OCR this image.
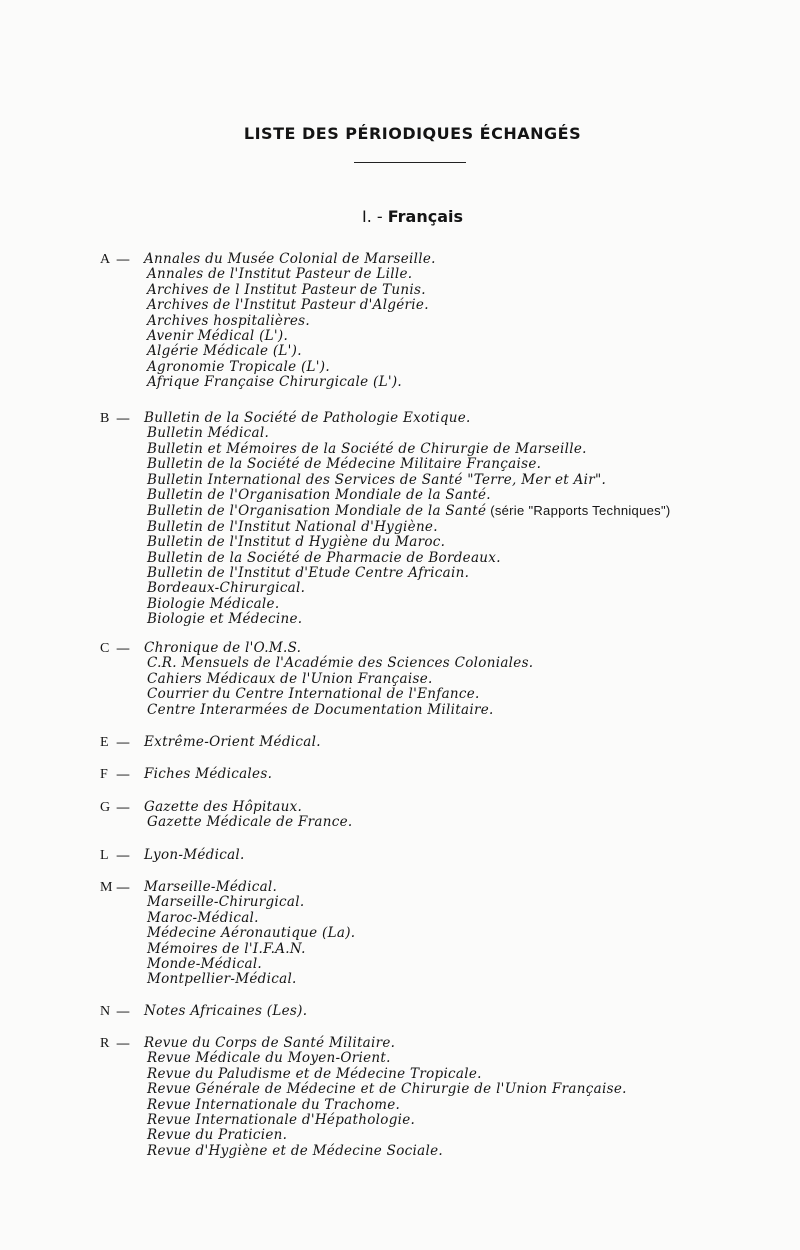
LISTE DES PÉRIODIQUES ÉCHANGÉS
I. - Français
A — Annales du Musée Colonial de Marseille.
Annales de l'Institut Pasteur de Lille.
Archives de l Institut Pasteur de Tunis.
Archives de l'Institut Pasteur d'Algérie.
Archives hospitalières.
Avenir Médical (L').
Algérie Médicale (L').
Agronomie Tropicale (L').
Afrique Française Chirurgicale (L').
B — Bulletin de la Société de Pathologie Exotique.
Bulletin Médical.
Bulletin et Mémoires de la Société de Chirurgie de Marseille.
Bulletin de la Société de Médecine Militaire Française.
Bulletin International des Services de Santé "Terre, Mer et Air".
Bulletin de l'Organisation Mondiale de la Santé.
Bulletin de l'Organisation Mondiale de la Santé (série "Rapports Techniques")
Bulletin de l'Institut National d'Hygiène.
Bulletin de l'Institut d Hygiène du Maroc.
Bulletin de la Société de Pharmacie de Bordeaux.
Bulletin de l'Institut d'Etude Centre Africain.
Bordeaux-Chirurgical.
Biologie Médicale.
Biologie et Médecine.
C — Chronique de l'O.M.S.
C.R. Mensuels de l'Académie des Sciences Coloniales.
Cahiers Médicaux de l'Union Française.
Courrier du Centre International de l'Enfance.
Centre Interarmées de Documentation Militaire.
E — Extrême-Orient Médical.
F — Fiches Médicales.
G — Gazette des Hôpitaux.
Gazette Médicale de France.
L — Lyon-Médical.
M — Marseille-Médical.
Marseille-Chirurgical.
Maroc-Médical.
Médecine Aéronautique (La).
Mémoires de l'I.F.A.N.
Monde-Médical.
Montpellier-Médical.
N — Notes Africaines (Les).
R — Revue du Corps de Santé Militaire.
Revue Médicale du Moyen-Orient.
Revue du Paludisme et de Médecine Tropicale.
Revue Générale de Médecine et de Chirurgie de l'Union Française.
Revue Internationale du Trachome.
Revue Internationale d'Hépathologie.
Revue du Praticien.
Revue d'Hygiène et de Médecine Sociale.
